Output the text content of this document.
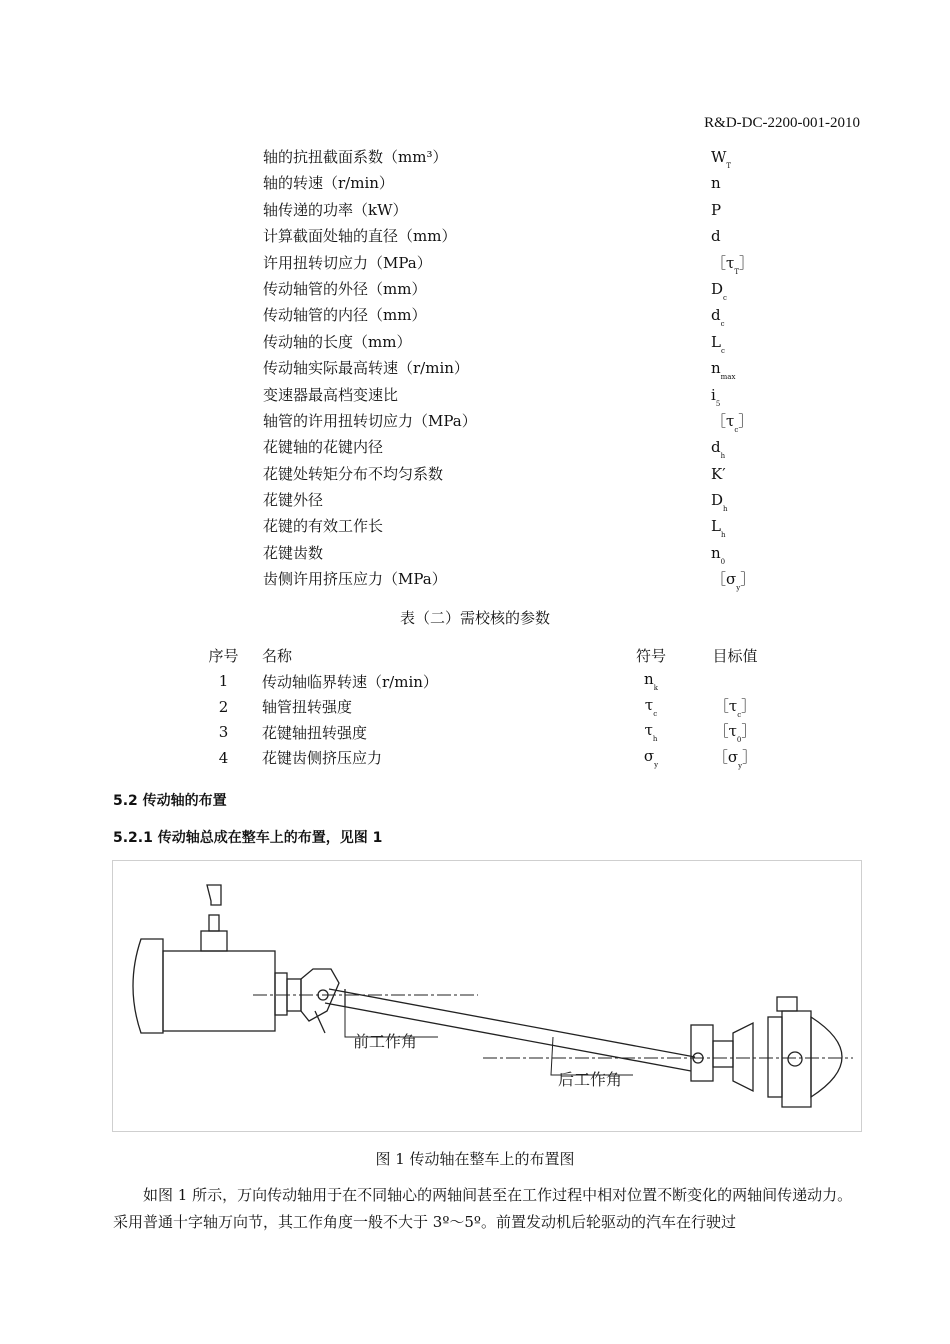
R&D-DC-2200-001-2010
轴的抗扭截面系数（mm³）	$W_T$
轴的转速（r/min）	n
轴传递的功率（kW）	P
计算截面处轴的直径（mm）	d
许用扭转切应力（MPa）	$[\tau_T]$
传动轴管的外径（mm）	$D_c$
传动轴管的内径（mm）	$d_c$
传动轴的长度（mm）	$L_c$
传动轴实际最高转速（r/min）	$n_{max}$
变速器最高档变速比	$i_5$
轴管的许用扭转切应力（MPa）	$[\tau_c]$
花键轴的花键内径	$d_h$
花键处转矩分布不均匀系数	K′
花键外径	$D_h$
花键的有效工作长	$L_h$
花键齿数	$n_0$
齿侧许用挤压应力（MPa）	$[\sigma_y]$
表（二）需校核的参数
序号	名称	符号	目标值
1	传动轴临界转速（r/min）	$n_k$	
2	轴管扭转强度	$\tau_c$	$[\tau_c]$
3	花键轴扭转强度	$\tau_h$	$[\tau_0]$
4	花键齿侧挤压应力	$\sigma_y$	$[\sigma_y]$
5.2 传动轴的布置
5.2.1 传动轴总成在整车上的布置，见图 1
前工作角
后工作角
图 1 传动轴在整车上的布置图
如图 1 所示，万向传动轴用于在不同轴心的两轴间甚至在工作过程中相对位置不断变化的两轴间传递动力。采用普通十字轴万向节，其工作角度一般不大于 3º～5º。前置发动机后轮驱动的汽车在行驶过
